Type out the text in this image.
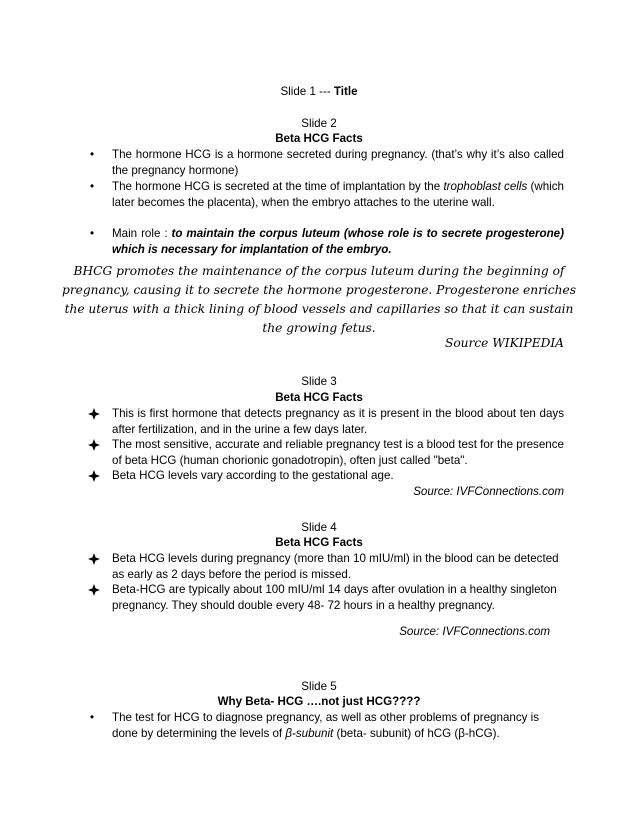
Slide 1 --- Title
Slide 2
Beta HCG Facts
•	The hormone HCG is a hormone secreted during pregnancy. (that’s why it’s also called the pregnancy hormone)
•	The hormone HCG is secreted at the time of implantation by the trophoblast cells (which later becomes the placenta), when the embryo attaches to the uterine wall.
•	Main role : to maintain the corpus luteum (whose role is to secrete progesterone) which is necessary for implantation of the embryo.
BHCG promotes the maintenance of the corpus luteum during the beginning of pregnancy, causing it to secrete the hormone progesterone. Progesterone enriches the uterus with a thick lining of blood vessels and capillaries so that it can sustain the growing fetus.
Source WIKIPEDIA
Slide 3
Beta HCG Facts
This is first hormone that detects pregnancy as it is present in the blood about ten days after fertilization, and in the urine a few days later.
The most sensitive, accurate and reliable pregnancy test is a blood test for the presence of beta HCG (human chorionic gonadotropin), often just called "beta".
Beta HCG levels vary according to the gestational age.
Source: IVFConnections.com
Slide 4
Beta HCG Facts
Beta HCG levels during pregnancy (more than 10 mIU/ml) in the blood can be detected as early as 2 days before the period is missed.
Beta-HCG are typically about 100 mIU/ml 14 days after ovulation in a healthy singleton pregnancy. They should double every 48- 72 hours in a healthy pregnancy.
Source: IVFConnections.com
Slide 5
Why Beta- HCG ….not just HCG????
•	The test for HCG to diagnose pregnancy, as well as other problems of pregnancy is done by determining the levels of β-subunit (beta- subunit) of hCG (β-hCG).
